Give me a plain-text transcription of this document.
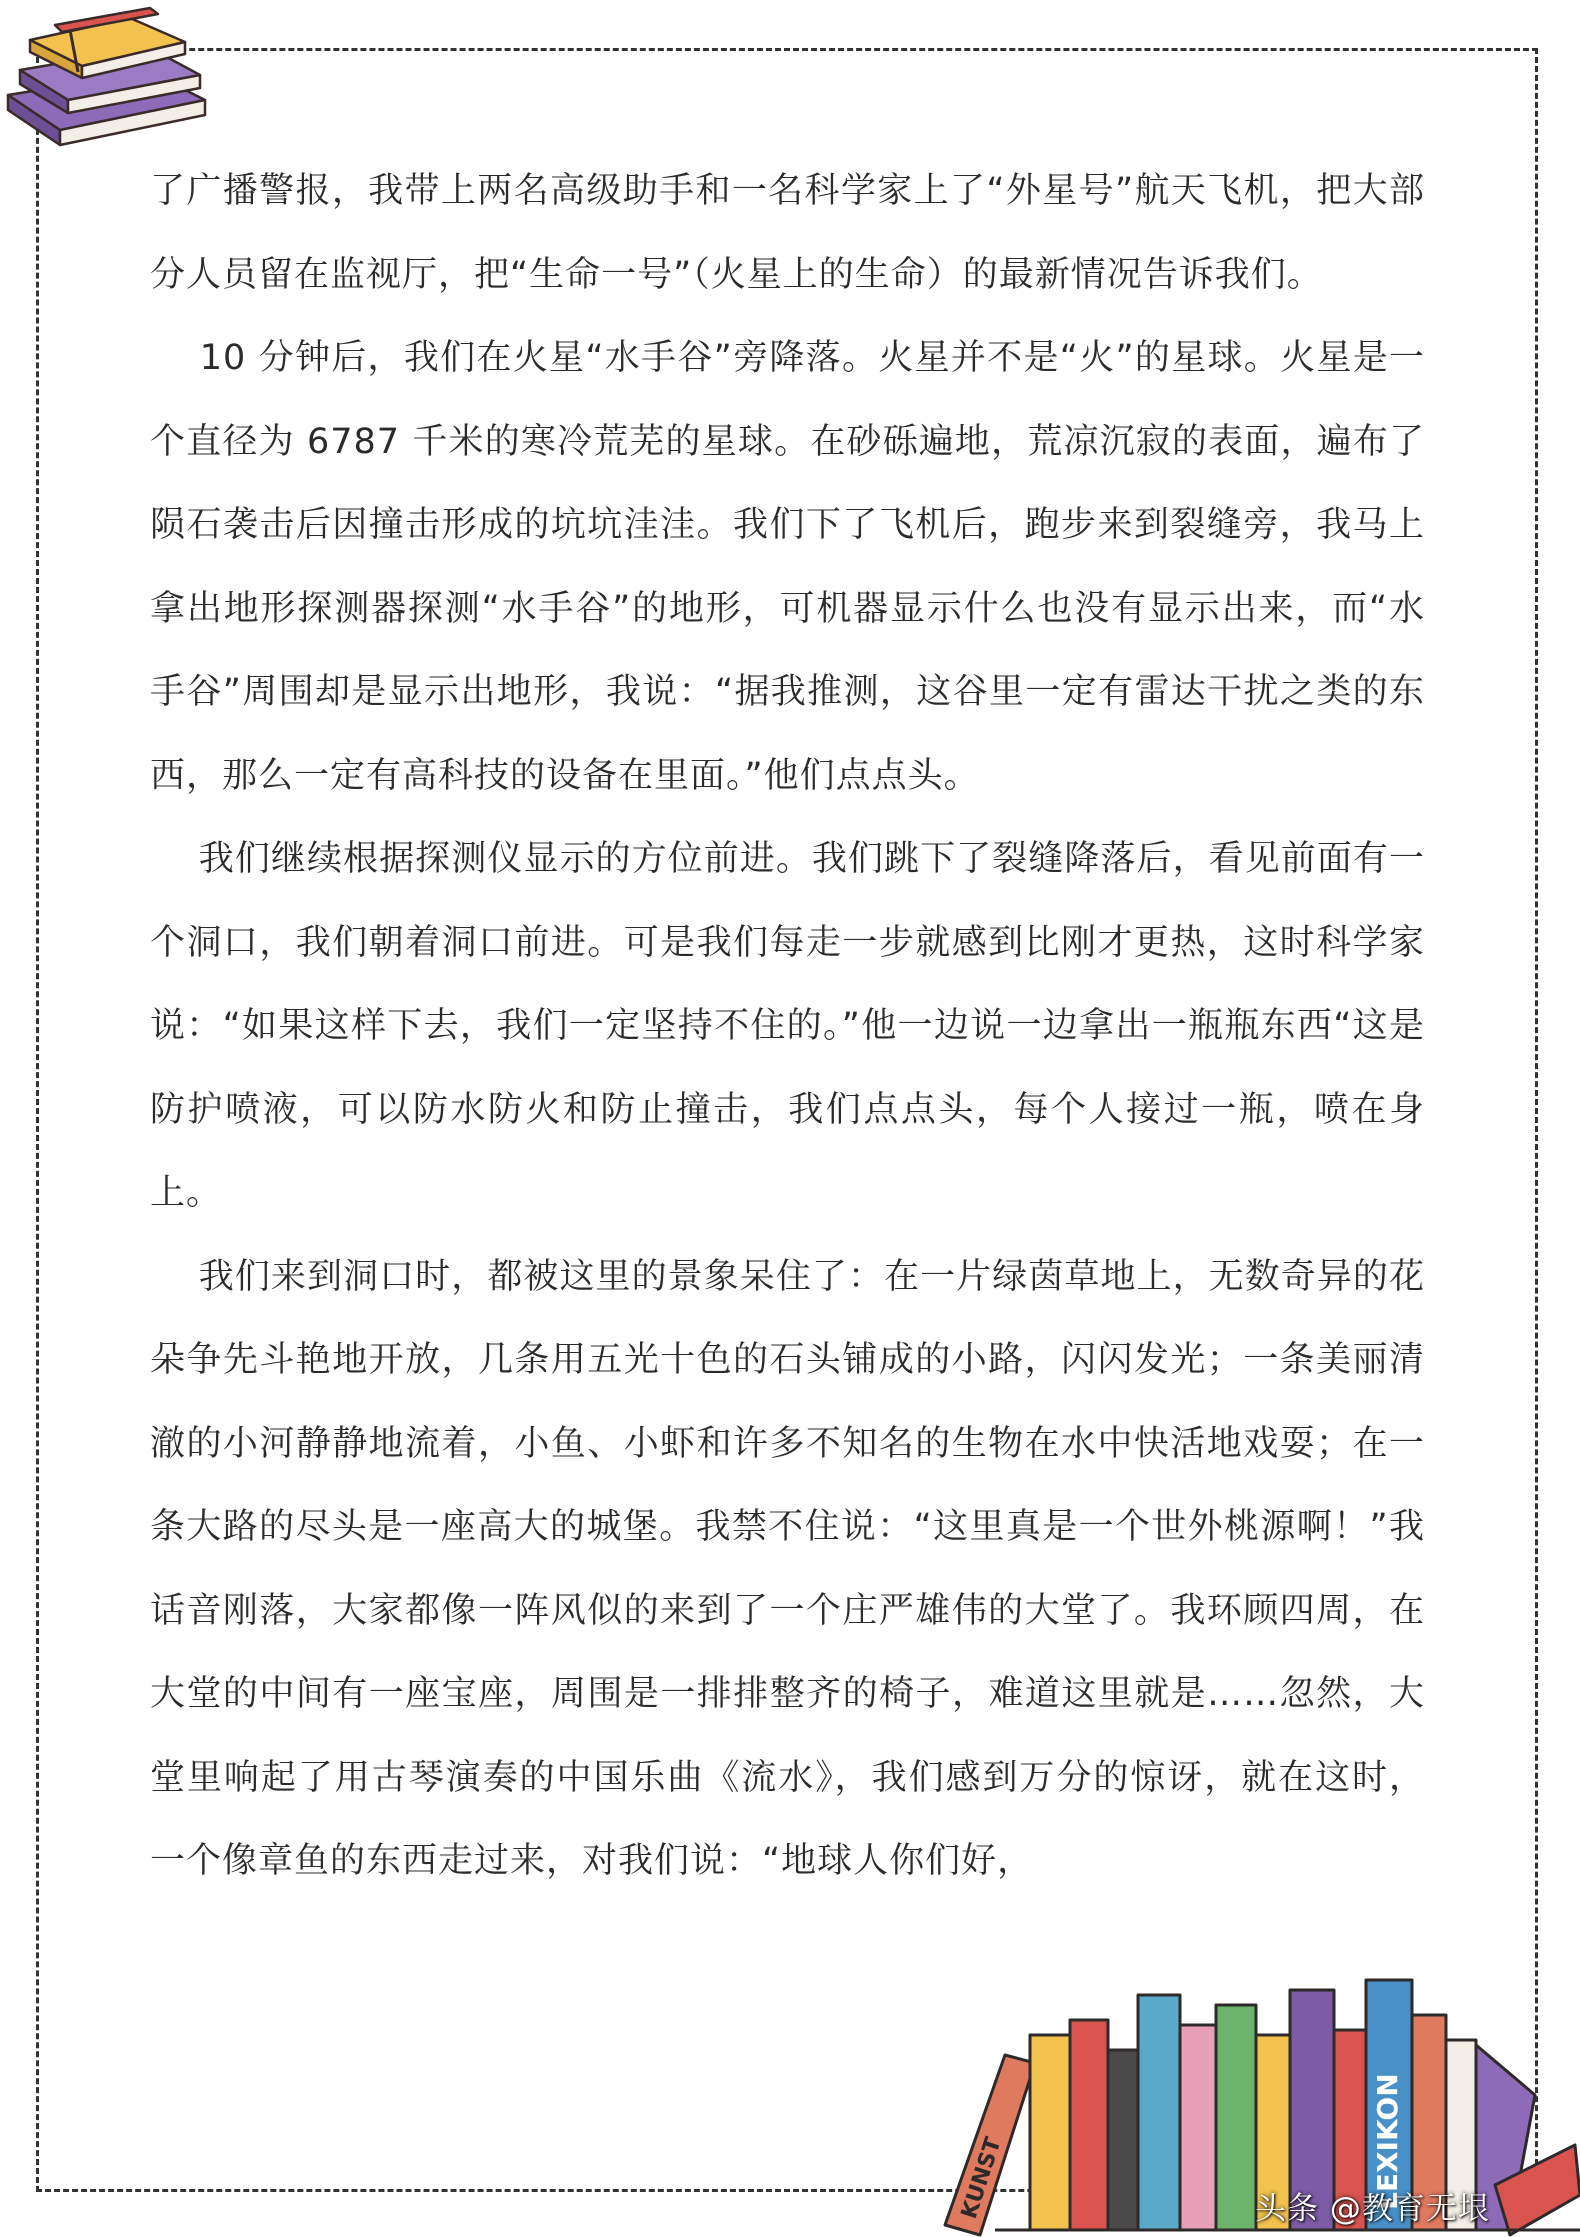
了广播警报，我带上两名高级助手和一名科学家上了“外星号”航天飞机，把大部分人员留在监视厅，把“生命一号”（火星上的生命）的最新情况告诉我们。

10 分钟后，我们在火星“水手谷”旁降落。火星并不是“火”的星球。火星是一个直径为 6787 千米的寒冷荒芜的星球。在砂砾遍地，荒凉沉寂的表面，遍布了陨石袭击后因撞击形成的坑坑洼洼。我们下了飞机后，跑步来到裂缝旁，我马上拿出地形探测器探测“水手谷”的地形，可机器显示什么也没有显示出来，而“水手谷”周围却是显示出地形，我说：“据我推测，这谷里一定有雷达干扰之类的东西，那么一定有高科技的设备在里面。”他们点点头。

我们继续根据探测仪显示的方位前进。我们跳下了裂缝降落后，看见前面有一个洞口，我们朝着洞口前进。可是我们每走一步就感到比刚才更热，这时科学家说：“如果这样下去，我们一定坚持不住的。”他一边说一边拿出一瓶瓶东西“这是防护喷液，可以防水防火和防止撞击，我们点点头，每个人接过一瓶，喷在身上。

我们来到洞口时，都被这里的景象呆住了：在一片绿茵草地上，无数奇异的花朵争先斗艳地开放，几条用五光十色的石头铺成的小路，闪闪发光；一条美丽清澈的小河静静地流着，小鱼、小虾和许多不知名的生物在水中快活地戏耍；在一条大路的尽头是一座高大的城堡。我禁不住说：“这里真是一个世外桃源啊！”我话音刚落，大家都像一阵风似的来到了一个庄严雄伟的大堂了。我环顾四周，在大堂的中间有一座宝座，周围是一排排整齐的椅子，难道这里就是……忽然，大堂里响起了用古琴演奏的中国乐曲《流水》，我们感到万分的惊讶，就在这时，一个像章鱼的东西走过来，对我们说：“地球人你们好，

KUNST	LEXIKON
头条 @教育无垠
